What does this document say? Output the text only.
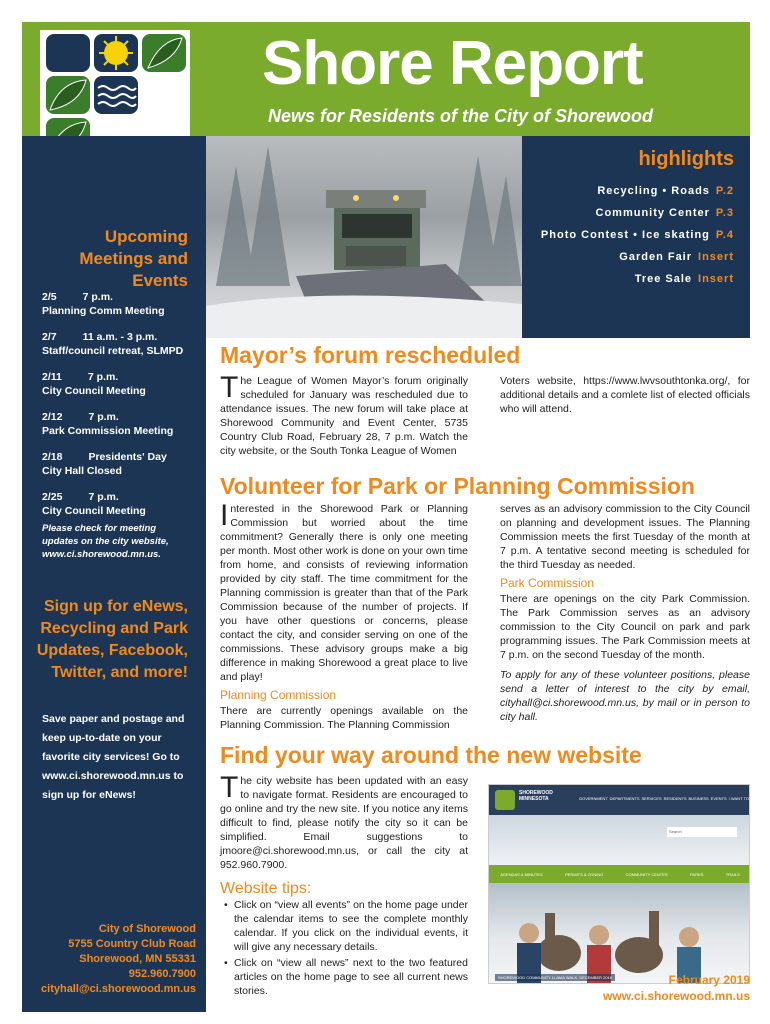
Shore Report
News for Residents of the City of Shorewood
Upcoming Meetings and Events
2/5 7 p.m.
Planning Comm Meeting
2/7 11 a.m. - 3 p.m.
Staff/council retreat, SLMPD
2/11 7 p.m.
City Council Meeting
2/12 7 p.m.
Park Commission Meeting
2/18 Presidents' Day
City Hall Closed
2/25 7 p.m.
City Council Meeting
Please check for meeting updates on the city website, www.ci.shorewood.mn.us.
Sign up for eNews, Recycling and Park Updates, Facebook, Twitter, and more!
Save paper and postage and keep up-to-date on your favorite city services! Go to www.ci.shorewood.mn.us to sign up for eNews!
City of Shorewood
5755 Country Club Road
Shorewood, MN 55331
952.960.7900
cityhall@ci.shorewood.mn.us
highlights
Recycling • Roads P.2
Community Center P.3
Photo Contest • Ice skating P.4
Garden Fair Insert
Tree Sale Insert
Mayor’s forum rescheduled
The League of Women Mayor’s forum originally scheduled for January was rescheduled due to attendance issues. The new forum will take place at Shorewood Community and Event Center, 5735 Country Club Road, February 28, 7 p.m. Watch the city website, or the South Tonka League of Women
Voters website, https://www.lwvsouthtonka.org/, for additional details and a comlete list of elected officials who will attend.
Volunteer for Park or Planning Commission
Interested in the Shorewood Park or Planning Commission but worried about the time commitment? Generally there is only one meeting per month. Most other work is done on your own time from home, and consists of reviewing information provided by city staff. The time commitment for the Planning commission is greater than that of the Park Commission because of the number of projects. If you have other questions or concerns, please contact the city, and consider serving on one of the commissions. These advisory groups make a big difference in making Shorewood a great place to live and play!
Planning Commission
There are currently openings available on the Planning Commission. The Planning Commission
serves as an advisory commission to the City Council on planning and development issues. The Planning Commission meets the first Tuesday of the month at 7 p.m. A tentative second meeting is scheduled for the third Tuesday as needed.
Park Commission
There are openings on the city Park Commission. The Park Commission serves as an advisory commission to the City Council on park and park programming issues. The Park Commission meets at 7 p.m. on the second Tuesday of the month.
To apply for any of these volunteer positions, please send a letter of interest to the city by email, cityhall@ci.shorewood.mn.us, by mail or in person to city hall.
Find your way around the new website
The city website has been updated with an easy to navigate format. Residents are encouraged to go online and try the new site. If you notice any items difficult to find, please notify the city so it can be simplified. Email suggestions to jmoore@ci.shorewood.mn.us, or call the city at 952.960.7900.
Website tips:
• Click on “view all events” on the home page under the calendar items to see the complete monthly calendar. If you click on the individual events, it will give any necessary details.
• Click on “view all news” next to the two featured articles on the home page to see all current news stories.
SHOREWOOD
MINNESOTA	GOVERNMENT DEPARTMENTS SERVICES RESIDENTS BUSINESS EVENTS I WANT TO
Search
AGENDAS & MINUTES	PERMITS & ZONING	COMMUNITY CENTER	PARKS	TRAILS
SHOREWOOD COMMUNITY LLAMA WALK, DECEMBER 2018	February 2019
www.ci.shorewood.mn.us
